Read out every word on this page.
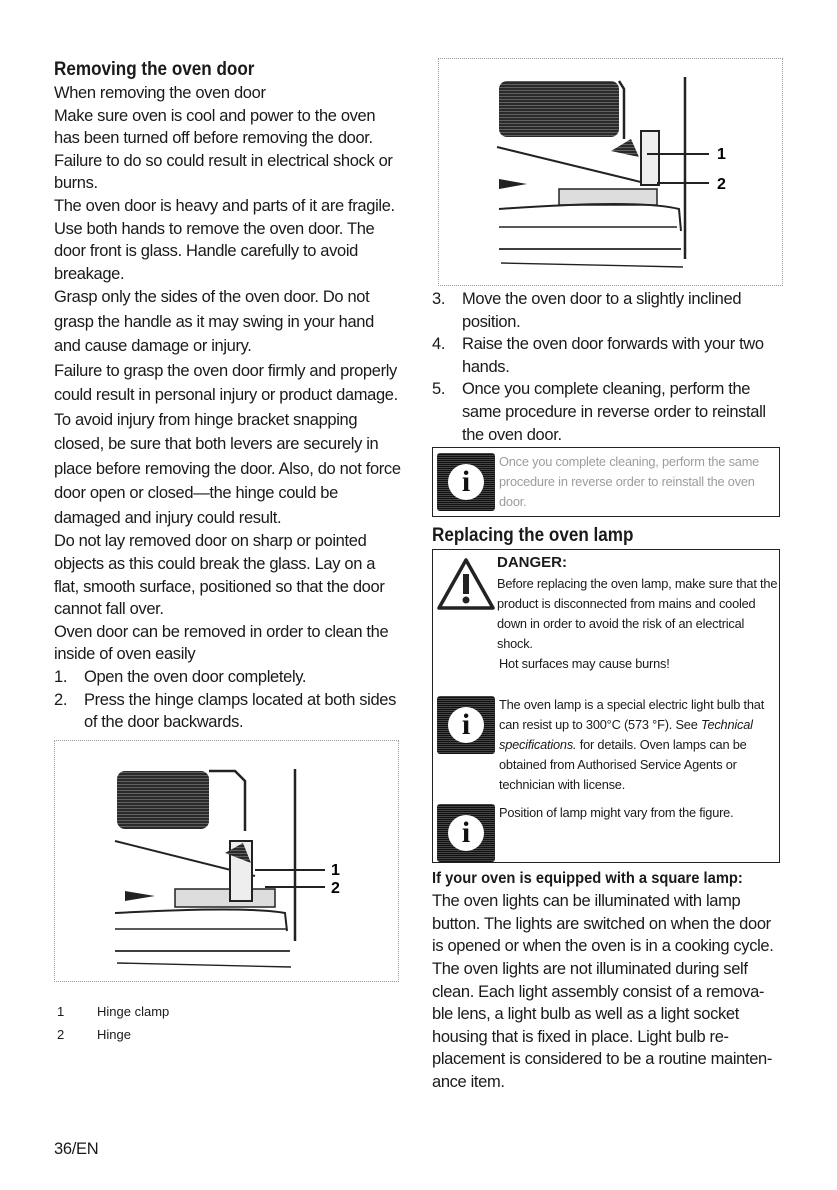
Removing the oven door

When removing the oven door

Make sure oven is cool and power to the oven has been turned off before removing the door. Failure to do so could result in electrical shock or burns.

The oven door is heavy and parts of it are fragile. Use both hands to remove the oven door. The door front is glass. Handle carefully to avoid breakage.

Grasp only the sides of the oven door. Do not grasp the handle as it may swing in your hand and cause damage or injury.

Failure to grasp the oven door firmly and properly could result in personal injury or product damage.

To avoid injury from hinge bracket snapping closed, be sure that both levers are securely in place before removing the door. Also, do not force door open or closed—the hinge could be damaged and injury could result.

Do not lay removed door on sharp or pointed objects as this could break the glass. Lay on a flat, smooth surface, positioned so that the door cannot fall over.

Oven door can be removed in order to clean the inside of oven easily

1.	Open the oven door completely.
2.	Press the hinge clamps located at both sides of the door backwards.
1
2
1	Hinge clamp
2	Hinge
1
2
3.	Move the oven door to a slightly inclined position.
4.	Raise the oven door forwards with your two hands.
5.	Once you complete cleaning, perform the same procedure in reverse order to reinstall the oven door.
i
Once you complete cleaning, perform the same procedure in reverse order to reinstall the oven door.
Replacing the oven lamp
DANGER:
Before replacing the oven lamp, make sure that the product is disconnected from mains and cooled down in order to avoid the risk of an electrical shock.
Hot surfaces may cause burns!
i
The oven lamp is a special electric light bulb that can resist up to 300°C (573 °F). See Technical specifications. for details. Oven lamps can be obtained from Authorised Service Agents or technician with license.
i
Position of lamp might vary from the figure.
If your oven is equipped with a square lamp:

The oven lights can be illuminated with lamp button. The lights are switched on when the door is opened or when the oven is in a cooking cycle. The oven lights are not illuminated during self clean. Each light assembly consist of a remova-ble lens, a light bulb as well as a light socket housing that is fixed in place. Light bulb re-placement is considered to be a routine mainten-ance item.

36/EN
